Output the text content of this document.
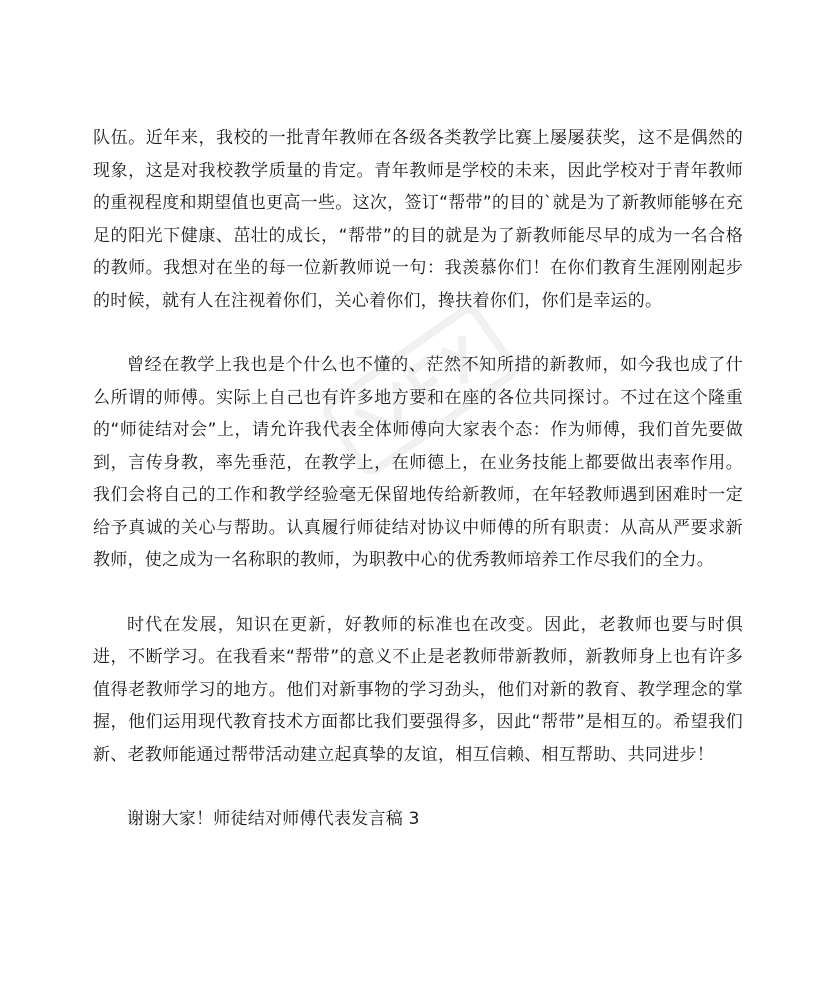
队伍。近年来，我校的一批青年教师在各级各类教学比赛上屡屡获奖，这不是偶然的现象，这是对我校教学质量的肯定。青年教师是学校的未来，因此学校对于青年教师的重视程度和期望值也更高一些。这次，签订“帮带”的目的`就是为了新教师能够在充足的阳光下健康、茁壮的成长，“帮带”的目的就是为了新教师能尽早的成为一名合格的教师。我想对在坐的每一位新教师说一句：我羡慕你们！在你们教育生涯刚刚起步的时候，就有人在注视着你们，关心着你们，搀扶着你们，你们是幸运的。

曾经在教学上我也是个什么也不懂的、茫然不知所措的新教师，如今我也成了什么所谓的师傅。实际上自己也有许多地方要和在座的各位共同探讨。不过在这个隆重的“师徒结对会”上，请允许我代表全体师傅向大家表个态：作为师傅，我们首先要做到，言传身教，率先垂范，在教学上，在师德上，在业务技能上都要做出表率作用。我们会将自己的工作和教学经验毫无保留地传给新教师，在年轻教师遇到困难时一定给予真诚的关心与帮助。认真履行师徒结对协议中师傅的所有职责：从高从严要求新教师，使之成为一名称职的教师，为职教中心的优秀教师培养工作尽我们的全力。

时代在发展，知识在更新，好教师的标准也在改变。因此，老教师也要与时俱进，不断学习。在我看来“帮带”的意义不止是老教师带新教师，新教师身上也有许多值得老教师学习的地方。他们对新事物的学习劲头，他们对新的教育、教学理念的掌握，他们运用现代教育技术方面都比我们要强得多，因此“帮带”是相互的。希望我们新、老教师能通过帮带活动建立起真挚的友谊，相互信赖、相互帮助、共同进步！

谢谢大家！师徒结对师傅代表发言稿 3
